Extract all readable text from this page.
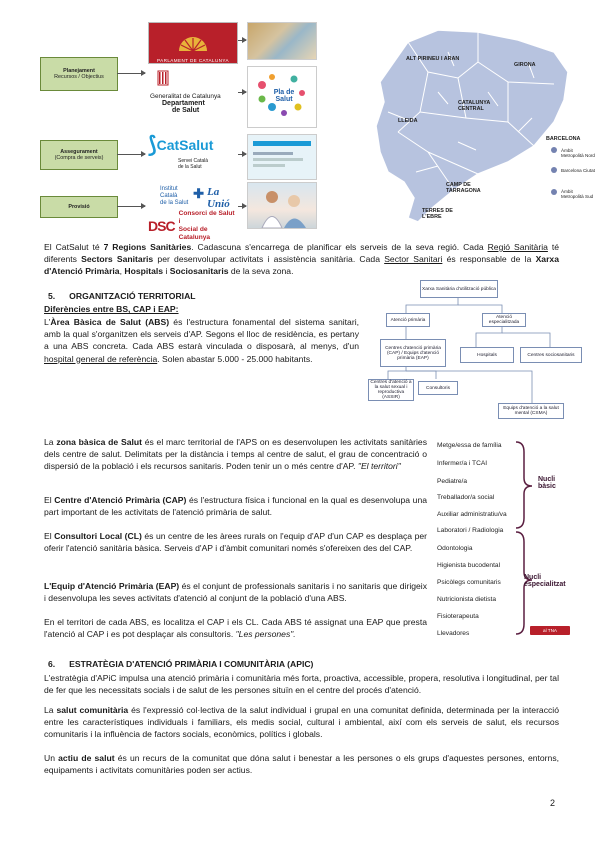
Planejament
Recursos / Objectius
Assegurament
(Compra de serveis)
Provisió
PARLAMENT DE CATALUNYA
Generalitat de Catalunya
Departament
de Salut
⟆ CatSalut
Servei Català
de la Salut
Institut Català
de la Salut
✚ La Unió
DSC
Consorci de Salut i
Social de Catalunya
Pla de Salut
ALT PIRINEU I ARAN
GIRONA
CATALUNYA CENTRAL
LLEIDA
CAMP DE TARRAGONA
TERRES DE L'EBRE
BARCELONA
Àmbit Metropolità Nord
Barcelona Ciutat
Àmbit Metropolità Sud
El CatSalut té 7 Regions Sanitàries. Cadascuna s'encarrega de planificar els serveis de la seva regió. Cada Regió Sanitària té diferents Sectors Sanitaris per desenvolupar activitats i assistència sanitària. Cada Sector Sanitari és responsable de la Xarxa d'Atenció Primària, Hospitals i Sociosanitaris de la seva zona.
5. ORGANITZACIÓ TERRITORIAL
Diferències entre BS, CAP i EAP:
L'Àrea Bàsica de Salut (ABS) és l'estructura fonamental del sistema sanitari, amb la qual s'organitzen els serveis d'AP. Segons el lloc de residència, es pertany a una ABS concreta. Cada ABS estarà vinculada o disposarà, al menys, d'un hospital general de referència. Solen abastar 5.000 - 25.000 habitants.
Xarxa Sanitària d'utilització pública
Atenció primària	Atenció especialitzada
Centres d'atenció primària (CAP) / Equips d'atenció primària (EAP)
Hospitals	Centres sociosanitaris
Centres d'atenció a la salut sexual i reproductiva (ASSIR)
Consultoris
Equips d'atenció a la salut mental (CSMA)
La zona bàsica de Salut és el marc territorial de l'APS on es desenvolupen les activitats sanitàries dels centre de salut. Delimitats per la distància i temps al centre de salut, el grau de concentració o dispersió de la població i els recursos sanitaris. Poden tenir un o més centre d'AP. "El territori"
El Centre d'Atenció Primària (CAP) és l'estructura física i funcional en la qual es desenvolupa una part important de les activitats de l'atenció primària de salut.
El Consultori Local (CL) és un centre de les àrees rurals on l'equip d'AP d'un CAP es desplaça per oferir l'atenció sanitària bàsica. Serveis d'AP i d'àmbit comunitari només s'ofereixen des del CAP.
L'Equip d'Atenció Primària (EAP) és el conjunt de professionals sanitaris i no sanitaris que dirigeix i desenvolupa les seves activitats d'atenció al conjunt de la població d'una ABS.
En el territori de cada ABS, es localitza el CAP i els CL. Cada ABS té assignat una EAP que presta l'atenció al CAP i es pot desplaçar als consultoris. "Les persones".
Metge/essa de família
Infermer/a i TCAI
Pediatre/a
Treballador/a social
Auxiliar administratiu/va
Laboratori / Radiologia
Odontologia
Higienista bucodental
Psicòlegs comunitaris
Nutricionista dietista
Fisioterapeuta
Llevadores
Nucli bàsic
Nucli especialitzat
al TNA
6. ESTRATÈGIA D'ATENCIÓ PRIMÀRIA I COMUNITÀRIA (APIC)
L'estratègia d'APiC impulsa una atenció primària i comunitària més forta, proactiva, accessible, propera, resolutiva i longitudinal, per tal de fer que les necessitats socials i de salut de les persones situïn en el centre del procés d'atenció.
La salut comunitària és l'expressió col·lectiva de la salut individual i grupal en una comunitat definida, determinada per la interacció entre les característiques individuals i familiars, els medis social, cultural i ambiental, així com els serveis de salut, els recursos comunitaris i la influència de factors socials, econòmics, polítics i globals.
Un actiu de salut és un recurs de la comunitat que dóna salut i benestar a les persones o els grups d'aquestes persones, entorns, equipaments i activitats comunitàries poden ser actius.
2
